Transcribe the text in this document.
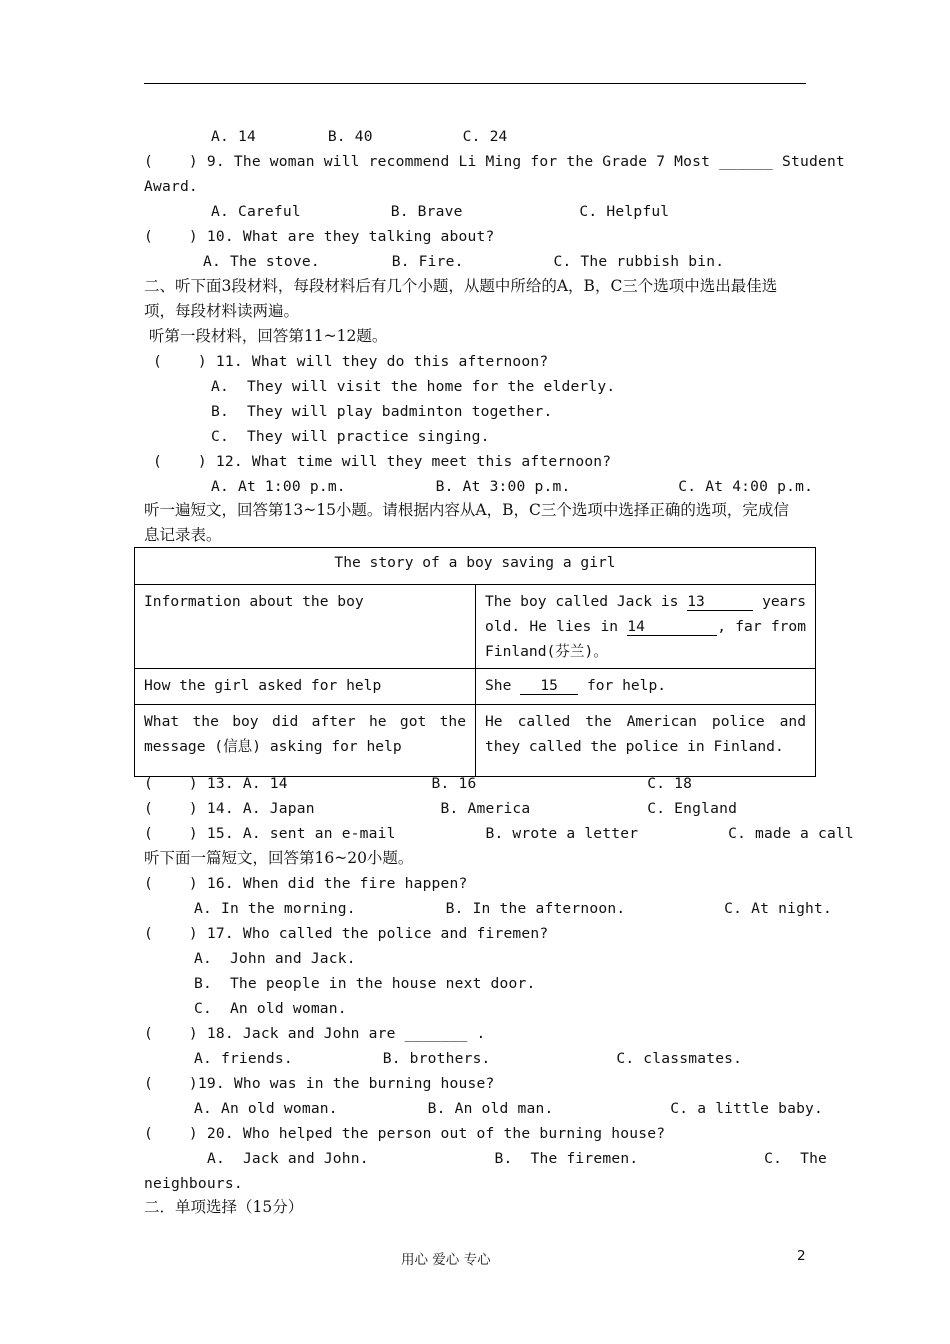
A. 14        B. 40          C. 24
(    ) 9. The woman will recommend Li Ming for the Grade 7 Most ______ Student
Award.
A. Careful          B. Brave             C. Helpful
(    ) 10. What are they talking about?
A. The stove.        B. Fire.          C. The rubbish bin.
二、听下面3段材料，每段材料后有几个小题，从题中所给的A，B，C三个选项中选出最佳选
项，每段材料读两遍。
听第一段材料，回答第11~12题。
(    ) 11. What will they do this afternoon?
A.  They will visit the home for the elderly.
B.  They will play badminton together.
C.  They will practice singing.
(    ) 12. What time will they meet this afternoon?
A. At 1:00 p.m.          B. At 3:00 p.m.            C. At 4:00 p.m.
听一遍短文，回答第13~15小题。请根据内容从A，B，C三个选项中选择正确的选项，完成信
息记录表。
The story of a boy saving a girl	
Information about the boy	The boy called Jack is 13 years old. He lies in 14 , far from Finland(芬兰)。
How the girl asked for help	She 15 for help.
What the boy did after he got the message (信息) asking for help	He called the American police and they called the police in Finland.
(    ) 13. A. 14                B. 16                   C. 18
(    ) 14. A. Japan              B. America             C. England
(    ) 15. A. sent an e-mail          B. wrote a letter          C. made a call
听下面一篇短文，回答第16~20小题。
(    ) 16. When did the fire happen?
A. In the morning.          B. In the afternoon.           C. At night.
(    ) 17. Who called the police and firemen?
A.  John and Jack.
B.  The people in the house next door.
C.  An old woman.
(    ) 18. Jack and John are _______ .
A. friends.          B. brothers.              C. classmates.
(    )19. Who was in the burning house?
A. An old woman.          B. An old man.             C. a little baby.
(    ) 20. Who helped the person out of the burning house?
A.  Jack and John.              B.  The firemen.              C.  The
neighbours.
二．单项选择（15分）
用心 爱心 专心	2
